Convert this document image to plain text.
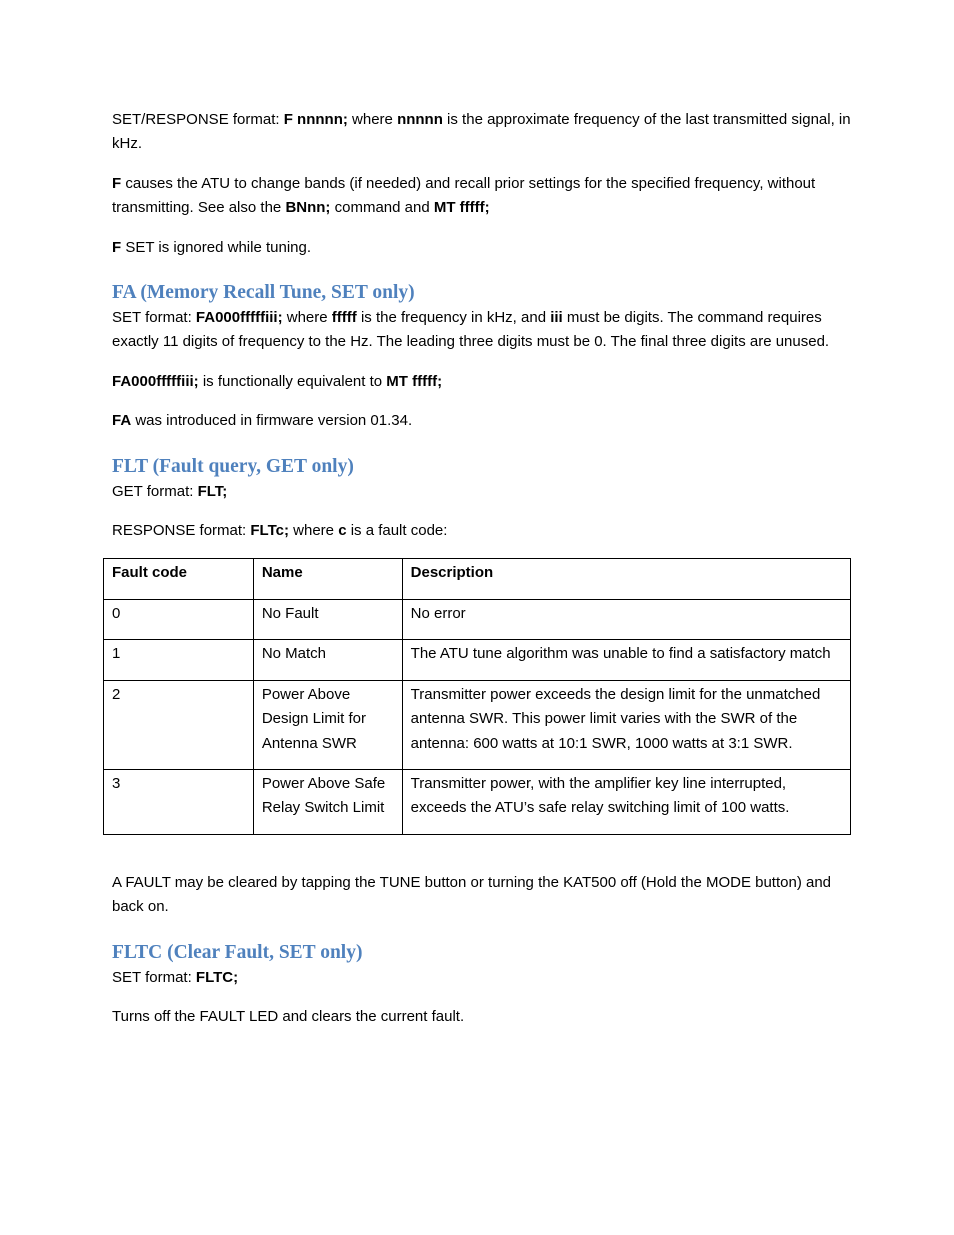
SET/RESPONSE format: F nnnnn; where nnnnn is the approximate frequency of the last transmitted signal, in kHz.

F causes the ATU to change bands (if needed) and recall prior settings for the specified frequency, without transmitting. See also the BNnn; command and MT fffff;

F SET is ignored while tuning.

FA (Memory Recall Tune, SET only)

SET format: FA000fffffiii; where fffff is the frequency in kHz, and iii must be digits. The command requires exactly 11 digits of frequency to the Hz. The leading three digits must be 0. The final three digits are unused.

FA000fffffiii; is functionally equivalent to MT fffff;

FA was introduced in firmware version 01.34.

FLT (Fault query, GET only)

GET format: FLT;

RESPONSE format: FLTc; where c is a fault code:

Fault code	Name	Description
0	No Fault	No error
1	No Match	The ATU tune algorithm was unable to find a satisfactory match
2	Power Above Design Limit for Antenna SWR	Transmitter power exceeds the design limit for the unmatched antenna SWR. This power limit varies with the SWR of the antenna: 600 watts at 10:1 SWR, 1000 watts at 3:1 SWR.
3	Power Above Safe Relay Switch Limit	Transmitter power, with the amplifier key line interrupted, exceeds the ATU’s safe relay switching limit of 100 watts.

A FAULT may be cleared by tapping the TUNE button or turning the KAT500 off (Hold the MODE button) and back on.

FLTC (Clear Fault, SET only)

SET format: FLTC;

Turns off the FAULT LED and clears the current fault.
